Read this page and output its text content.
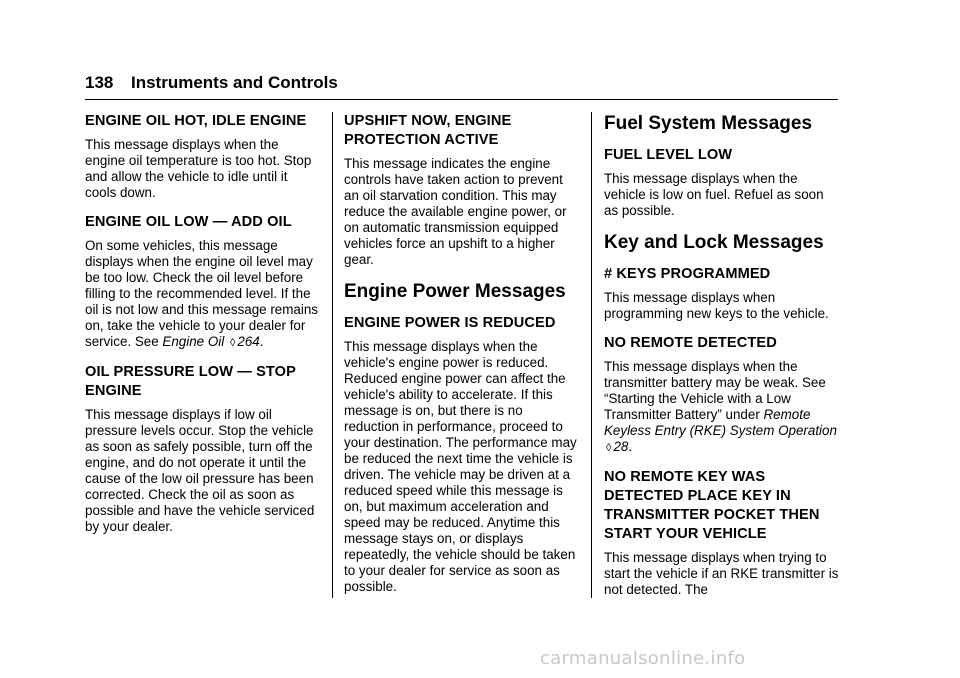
138 Instruments and Controls
ENGINE OIL HOT, IDLE ENGINE

This message displays when the engine oil temperature is too hot. Stop and allow the vehicle to idle until it cools down.

ENGINE OIL LOW — ADD OIL

On some vehicles, this message displays when the engine oil level may be too low. Check the oil level before filling to the recommended level. If the oil is not low and this message remains on, take the vehicle to your dealer for service. See Engine Oil ◊ 264.

OIL PRESSURE LOW — STOP ENGINE

This message displays if low oil pressure levels occur. Stop the vehicle as soon as safely possible, turn off the engine, and do not operate it until the cause of the low oil pressure has been corrected. Check the oil as soon as possible and have the vehicle serviced by your dealer.

UPSHIFT NOW, ENGINE PROTECTION ACTIVE

This message indicates the engine controls have taken action to prevent an oil starvation condition. This may reduce the available engine power, or on automatic transmission equipped vehicles force an upshift to a higher gear.

Engine Power Messages
ENGINE POWER IS REDUCED

This message displays when the vehicle's engine power is reduced. Reduced engine power can affect the vehicle's ability to accelerate. If this message is on, but there is no reduction in performance, proceed to your destination. The performance may be reduced the next time the vehicle is driven. The vehicle may be driven at a reduced speed while this message is on, but maximum acceleration and speed may be reduced. Anytime this message stays on, or displays repeatedly, the vehicle should be taken to your dealer for service as soon as possible.

Fuel System Messages
FUEL LEVEL LOW

This message displays when the vehicle is low on fuel. Refuel as soon as possible.

Key and Lock Messages
# KEYS PROGRAMMED

This message displays when programming new keys to the vehicle.

NO REMOTE DETECTED

This message displays when the transmitter battery may be weak. See “Starting the Vehicle with a Low Transmitter Battery” under Remote Keyless Entry (RKE) System Operation ◊ 28.

NO REMOTE KEY WAS DETECTED PLACE KEY IN TRANSMITTER POCKET THEN START YOUR VEHICLE

This message displays when trying to start the vehicle if an RKE transmitter is not detected. The

carmanualsonline.info
